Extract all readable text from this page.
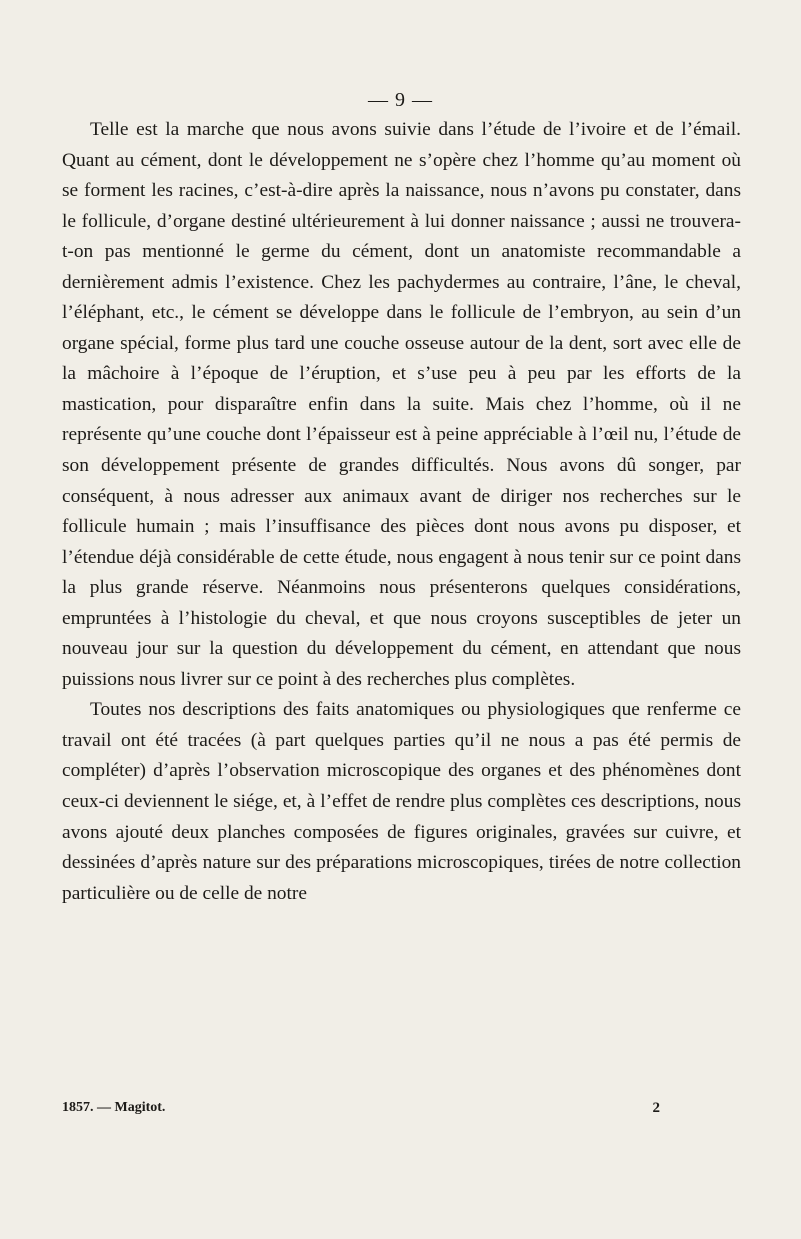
— 9 —

Telle est la marche que nous avons suivie dans l’étude de l’ivoire et de l’émail. Quant au cément, dont le développement ne s’opère chez l’homme qu’au moment où se forment les racines, c’est-à-dire après la naissance, nous n’avons pu constater, dans le follicule, d’organe destiné ultérieurement à lui donner naissance ; aussi ne trouvera-t-on pas mentionné le germe du cément, dont un anatomiste recommandable a dernièrement admis l’existence. Chez les pachydermes au contraire, l’âne, le cheval, l’éléphant, etc., le cément se développe dans le follicule de l’embryon, au sein d’un organe spécial, forme plus tard une couche osseuse autour de la dent, sort avec elle de la mâchoire à l’époque de l’éruption, et s’use peu à peu par les efforts de la mastication, pour disparaître enfin dans la suite. Mais chez l’homme, où il ne représente qu’une couche dont l’épaisseur est à peine appréciable à l’œil nu, l’étude de son développement présente de grandes difficultés. Nous avons dû songer, par conséquent, à nous adresser aux animaux avant de diriger nos recherches sur le follicule humain ; mais l’insuffisance des pièces dont nous avons pu disposer, et l’étendue déjà considérable de cette étude, nous engagent à nous tenir sur ce point dans la plus grande réserve. Néanmoins nous présenterons quelques considérations, empruntées à l’histologie du cheval, et que nous croyons susceptibles de jeter un nouveau jour sur la question du développement du cément, en attendant que nous puissions nous livrer sur ce point à des recherches plus complètes.

Toutes nos descriptions des faits anatomiques ou physiologiques que renferme ce travail ont été tracées (à part quelques parties qu’il ne nous a pas été permis de compléter) d’après l’observation microscopique des organes et des phénomènes dont ceux-ci deviennent le siége, et, à l’effet de rendre plus complètes ces descriptions, nous avons ajouté deux planches composées de figures originales, gravées sur cuivre, et dessinées d’après nature sur des préparations microscopiques, tirées de notre collection particulière ou de celle de notre

1857. — Magitot.	2
